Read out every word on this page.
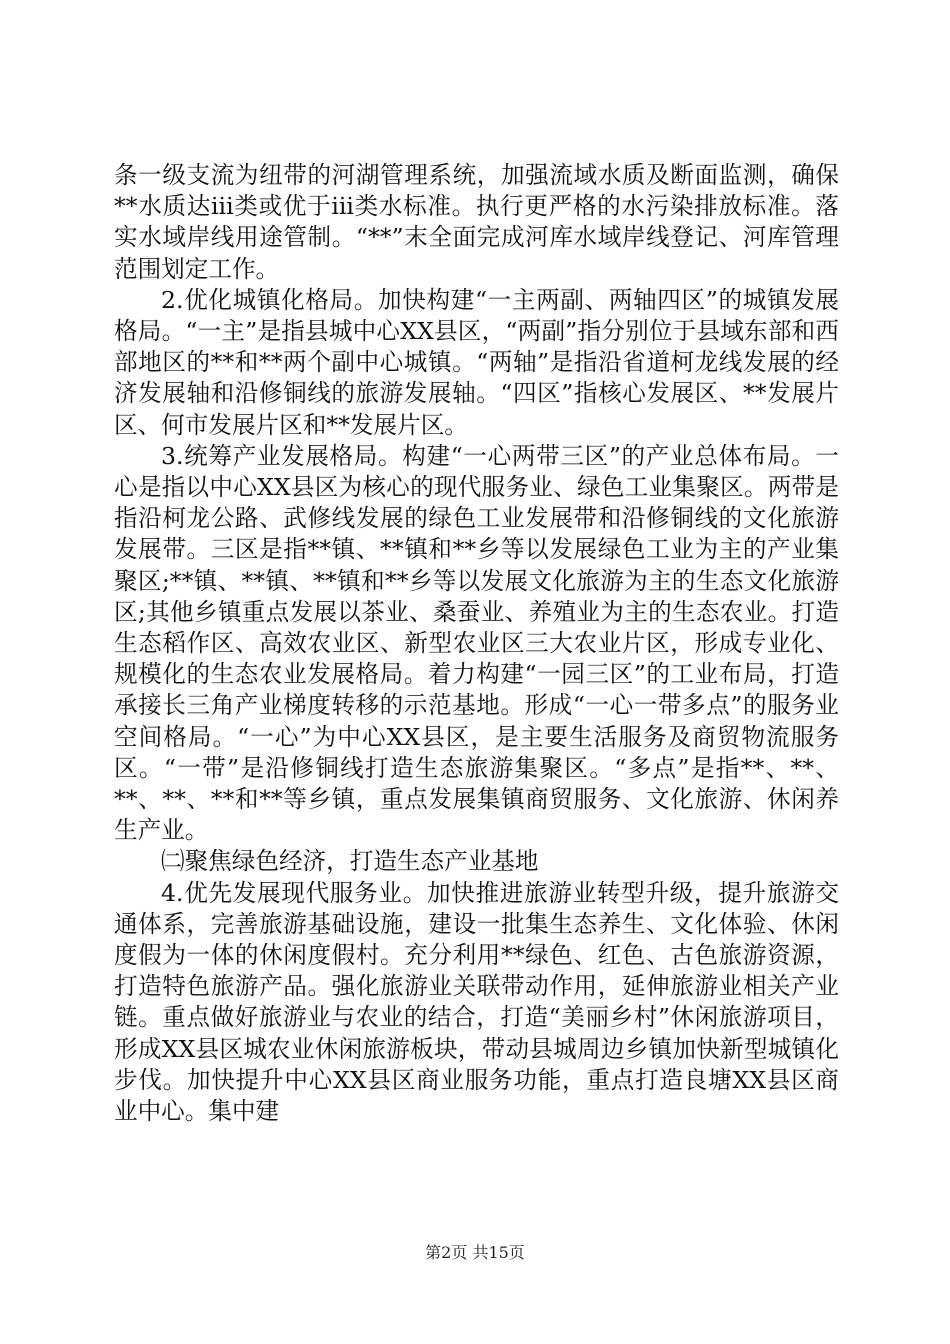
条一级支流为纽带的河湖管理系统，加强流域水质及断面监测，确保**水质达iii类或优于iii类水标准。执行更严格的水污染排放标准。落实水域岸线用途管制。“**”末全面完成河库水域岸线登记、河库管理范围划定工作。

2.优化城镇化格局。加快构建“一主两副、两轴四区”的城镇发展格局。“一主”是指县城中心XX县区，“两副”指分别位于县域东部和西部地区的**和**两个副中心城镇。“两轴”是指沿省道柯龙线发展的经济发展轴和沿修铜线的旅游发展轴。“四区”指核心发展区、**发展片区、何市发展片区和**发展片区。

3.统筹产业发展格局。构建“一心两带三区”的产业总体布局。一心是指以中心XX县区为核心的现代服务业、绿色工业集聚区。两带是指沿柯龙公路、武修线发展的绿色工业发展带和沿修铜线的文化旅游发展带。三区是指**镇、**镇和**乡等以发展绿色工业为主的产业集聚区;**镇、**镇、**镇和**乡等以发展文化旅游为主的生态文化旅游区;其他乡镇重点发展以茶业、桑蚕业、养殖业为主的生态农业。打造生态稻作区、高效农业区、新型农业区三大农业片区，形成专业化、规模化的生态农业发展格局。着力构建“一园三区”的工业布局，打造承接长三角产业梯度转移的示范基地。形成“一心一带多点”的服务业空间格局。“一心”为中心XX县区，是主要生活服务及商贸物流服务区。“一带”是沿修铜线打造生态旅游集聚区。“多点”是指**、**、**、**、**和**等乡镇，重点发展集镇商贸服务、文化旅游、休闲养生产业。

㈡聚焦绿色经济，打造生态产业基地

4.优先发展现代服务业。加快推进旅游业转型升级，提升旅游交通体系，完善旅游基础设施，建设一批集生态养生、文化体验、休闲度假为一体的休闲度假村。充分利用**绿色、红色、古色旅游资源，打造特色旅游产品。强化旅游业关联带动作用，延伸旅游业相关产业链。重点做好旅游业与农业的结合，打造“美丽乡村”休闲旅游项目，形成XX县区城农业休闲旅游板块，带动县城周边乡镇加快新型城镇化步伐。加快提升中心XX县区商业服务功能，重点打造良塘XX县区商业中心。集中建

第2页 共15页
